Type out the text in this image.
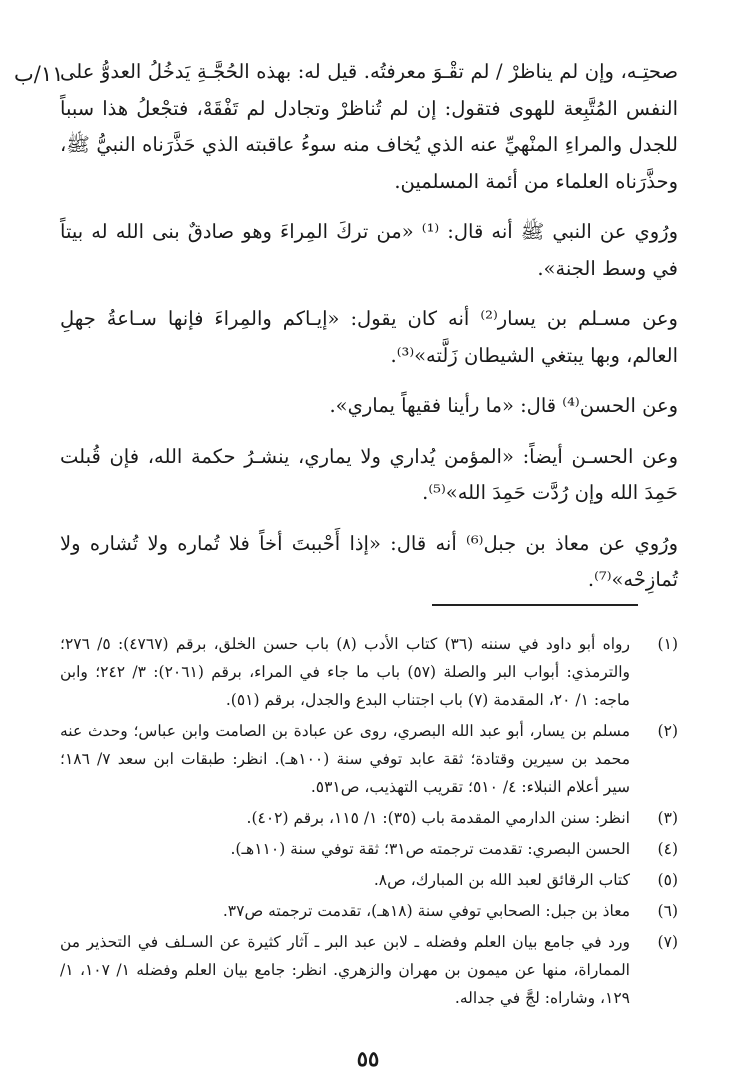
١١/ب

صحتِـه، وإن لم يناظرْ / لم تقْـوَ معرفتُه. قيل له: بهذه الحُجَّـةِ يَدخُلُ العدوُّ على النفس المُتَّبِعة للهوى فتقول: إن لم تُناظرْ وتجادل لم تَفْقَهْ، فتجْعلُ هذا سبباً للجدل والمراءِ المنْهيِّ عنه الذي يُخاف منه سوءُ عاقبته الذي حَذَّرَناه النبيُّ ﷺ، وحذَّرَناه العلماء من أئمة المسلمين.

ورُوي عن النبي ﷺ أنه قال: ⁽¹⁾ «من تركَ المِراءَ وهو صادقٌ بنى الله له بيتاً في وسط الجنة».

وعن مسـلم بن يسار⁽²⁾ أنه كان يقول: «إيـاكم والمِراءَ فإنها سـاعةُ جهلِ العالم، وبها يبتغي الشيطان زَلَّته»⁽³⁾.

وعن الحسن⁽⁴⁾ قال: «ما رأينا فقيهاً يماري».

وعن الحسـن أيضاً: «المؤمن يُداري ولا يماري، ينشـرُ حكمة الله، فإن قُبلت حَمِدَ الله وإن رُدَّت حَمِدَ الله»⁽⁵⁾.

ورُوي عن معاذ بن جبل⁽⁶⁾ أنه قال: «إذا أَحْببتَ أخاً فلا تُماره ولا تُشاره ولا تُمازِحْه»⁽⁷⁾.

(١)
رواه أبو داود في سننه (٣٦) كتاب الأدب (٨) باب حسن الخلق، برقم (٤٧٦٧): ٥/ ٢٧٦؛ والترمذي: أبواب البر والصلة (٥٧) باب ما جاء في المراء، برقم (٢٠٦١): ٣/ ٢٤٢؛ وابن ماجه: ١/ ٢٠، المقدمة (٧) باب اجتناب البدع والجدل، برقم (٥١).
(٢)
مسلم بن يسار، أبو عبد الله البصري، روى عن عبادة بن الصامت وابن عباس؛ وحدث عنه محمد بن سيرين وقتادة؛ ثقة عابد توفي سنة (١٠٠هـ). انظر: طبقات ابن سعد ٧/ ١٨٦؛ سير أعلام النبلاء: ٤/ ٥١٠؛ تقريب التهذيب، ص٥٣١.
(٣)
انظر: سنن الدارمي المقدمة باب (٣٥): ١/ ١١٥، برقم (٤٠٢).
(٤)
الحسن البصري: تقدمت ترجمته ص٣١؛ ثقة توفي سنة (١١٠هـ).
(٥)
كتاب الرقائق لعبد الله بن المبارك، ص٨.
(٦)
معاذ بن جبل: الصحابي توفي سنة (١٨هـ)، تقدمت ترجمته ص٣٧.
(٧)
ورد في جامع بيان العلم وفضله ـ لابن عبد البر ـ آثار كثيرة عن السـلف في التحذير من المماراة، منها عن ميمون بن مهران والزهري. انظر: جامع بيان العلم وفضله ١/ ١٠٧، ١/ ١٢٩، وشاراه: لجَّ في جداله.
٥٥
